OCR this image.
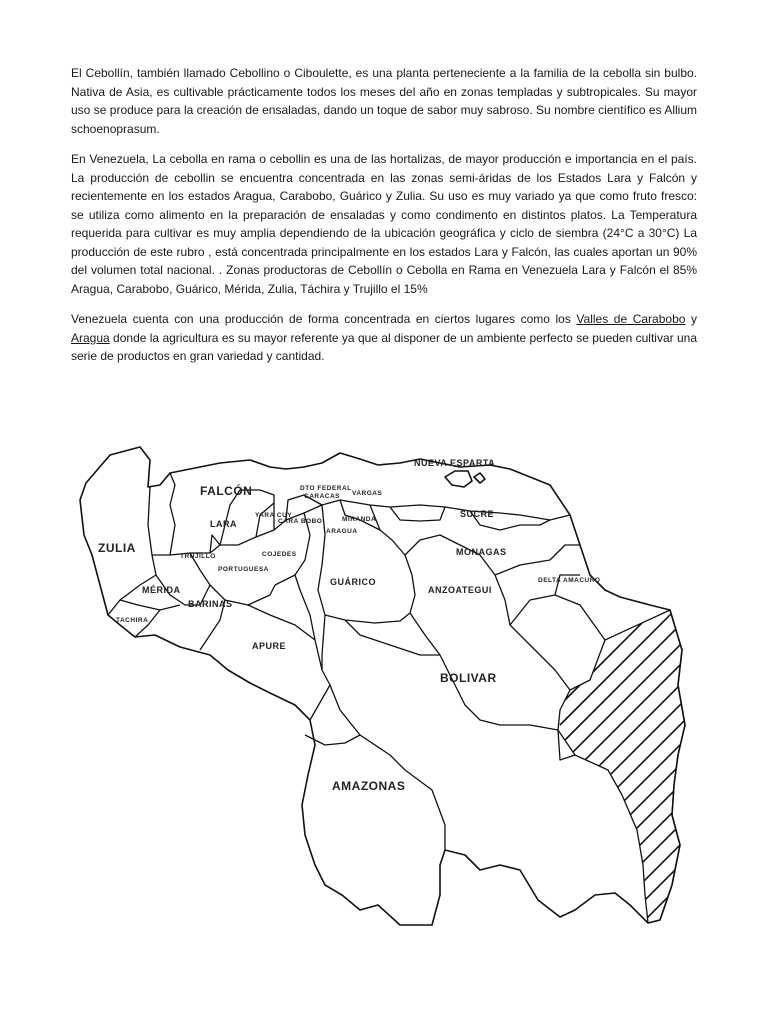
El Cebollín, también llamado Cebollino o Ciboulette, es una planta perteneciente a la familia de la cebolla sin bulbo. Nativa de Asia, es cultivable prácticamente todos los meses del año en zonas templadas y subtropicales. Su mayor uso se produce para la creación de ensaladas, dando un toque de sabor muy sabroso. Su nombre científico es Allium schoenoprasum.

En Venezuela, La cebolla en rama o cebollin es una de las hortalizas, de mayor producción e importancia en el país. La producción de cebollin se encuentra concentrada en las zonas semi-áridas de los Estados Lara y Falcón y recientemente en los estados Aragua, Carabobo, Guárico y Zulia. Su uso es muy variado ya que como fruto fresco: se utiliza como alimento en la preparación de ensaladas y como condimento en distintos platos. La Temperatura requerida para cultivar es muy amplia dependiendo de la ubicación geográfica y ciclo de siembra (24°C a 30°C) La producción de este rubro , está concentrada principalmente en los estados Lara y Falcón, las cuales aportan un 90% del volumen total nacional. . Zonas productoras de Cebollín o Cebolla en Rama en Venezuela Lara y Falcón el 85% Aragua, Carabobo, Guárico, Mérida, Zulia, Táchira y Trujillo el 15%

Venezuela cuenta con una producción de forma concentrada en ciertos lugares como los Valles de Carabobo y Aragua donde la agricultura es su mayor referente ya que al disponer de un ambiente perfecto se pueden cultivar una serie de productos en gran variedad y cantidad.

NUEVA ESPARTA
FALCÓN	DTO FEDERAL
CARACAS VARGAS
SUCRE
LARA
YARA CUY
CARA BOBO	MIRANDA
ARAGUA
ZULIA
TRUJILLO	COJEDES	MONAGAS
PORTUGUESA
GUÁRICO
ANZOATEGUI
DELTA AMACURO
MÉRIDA
BARINAS
TACHIRA
APURE
BOLIVAR
AMAZONAS
